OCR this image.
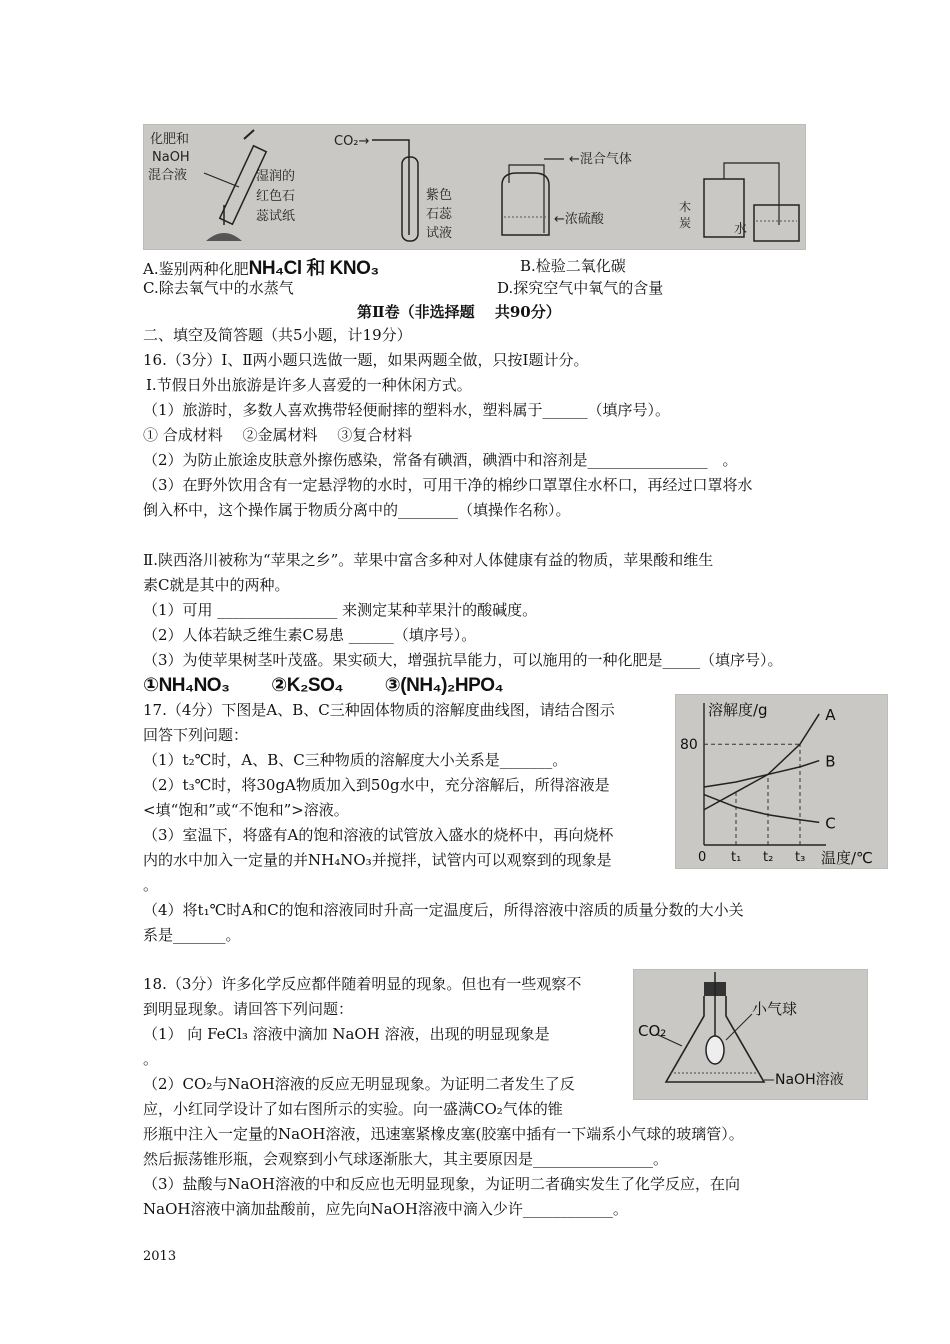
化肥和
NaOH
混合液	湿润的
红色石
蕊试纸
CO₂→
紫色
石蕊
试液
←混合气体
←浓硫酸
木
炭	水
A.鉴别两种化肥NH₄Cl 和 KNO₃	B.检验二氧化碳
C.除去氧气中的水蒸气	D.探究空气中氧气的含量
第Ⅱ卷（非选择题　 共90分）
二、填空及简答题（共5小题，计19分）
16.（3分）Ⅰ、Ⅱ两小题只选做一题，如果两题全做，只按Ⅰ题计分。
Ⅰ.节假日外出旅游是许多人喜爱的一种休闲方式。
（1）旅游时，多数人喜欢携带轻便耐摔的塑料水，塑料属于______（填序号）。
① 合成材料　 ②金属材料　 ③复合材料
（2）为防止旅途皮肤意外擦伤感染，常备有碘酒，碘酒中和溶剂是________________　。
（3）在野外饮用含有一定悬浮物的水时，可用干净的棉纱口罩罩住水杯口，再经过口罩将水
倒入杯中，这个操作属于物质分离中的________（填操作名称）。
Ⅱ.陕西洛川被称为“苹果之乡”。苹果中富含多种对人体健康有益的物质，苹果酸和维生
素C就是其中的两种。
（1）可用 ________________ 来测定某种苹果汁的酸碱度。
（2）人体若缺乏维生素C易患 ______（填序号）。
（3）为使苹果树茎叶茂盛。果实硕大，增强抗旱能力，可以施用的一种化肥是_____（填序号）。
①NH₄NO₃　　 ②K₂SO₄　　 ③(NH₄)₂HPO₄
17.（4分）下图是A、B、C三种固体物质的溶解度曲线图，请结合图示
回答下列问题：
（1）t₂℃时，A、B、C三种物质的溶解度大小关系是_______。
（2）t₃℃时，将30gA物质加入到50g水中，充分溶解后，所得溶液是
<填“饱和”或“不饱和”>溶液。
（3）室温下，将盛有A的饱和溶液的试管放入盛水的烧杯中，再向烧杯
内的水中加入一定量的并NH₄NO₃并搅拌，试管内可以观察到的现象是
。
（4）将t₁℃时A和C的饱和溶液同时升高一定温度后，所得溶液中溶质的质量分数的大小关
系是_______。
溶解度/g
温度/℃
0 t₁ t₂ t₃
80
A
B
C
18.（3分）许多化学反应都伴随着明显的现象。但也有一些观察不
到明显现象。请回答下列问题：
（1） 向 FeCl₃ 溶液中滴加 NaOH 溶液，出现的明显现象是
。
（2）CO₂与NaOH溶液的反应无明显现象。为证明二者发生了反
应，小红同学设计了如右图所示的实验。向一盛满CO₂气体的锥
形瓶中注入一定量的NaOH溶液，迅速塞紧橡皮塞(胶塞中插有一下端系小气球的玻璃管）。
然后振荡锥形瓶，会观察到小气球逐渐胀大，其主要原因是________________。
（3）盐酸与NaOH溶液的中和反应也无明显现象，为证明二者确实发生了化学反应，在向
NaOH溶液中滴加盐酸前，应先向NaOH溶液中滴入少许____________。
CO₂
小气球
NaOH溶液
2013
